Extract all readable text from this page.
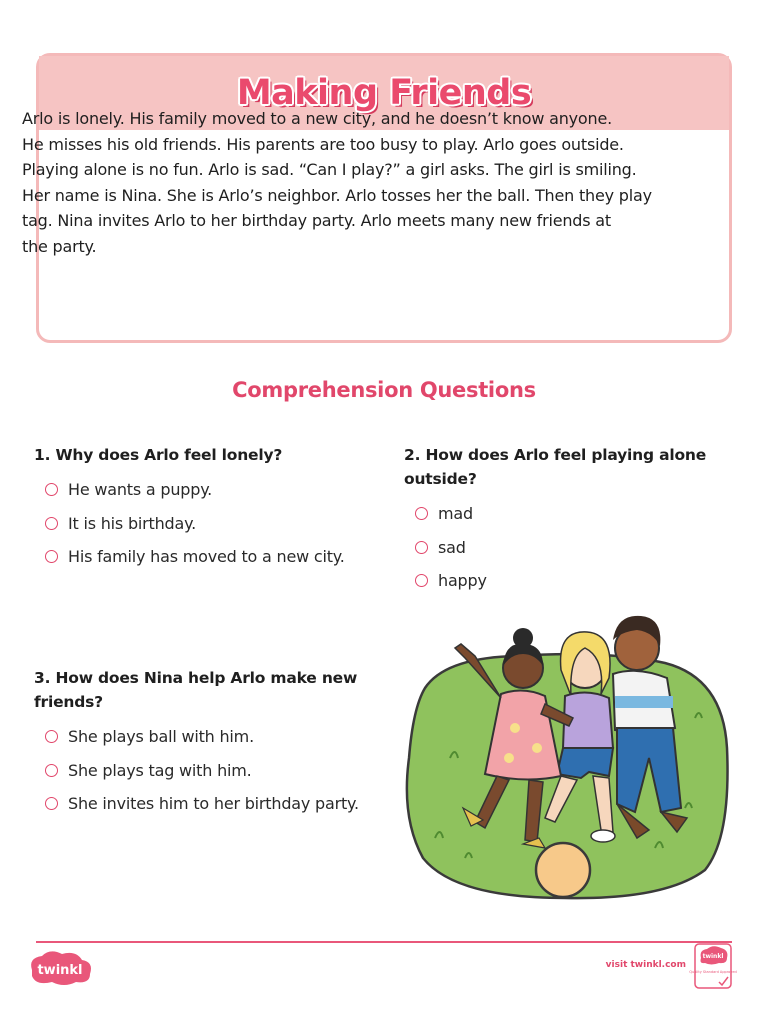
Making Friends

Arlo is lonely. His family moved to a new city, and he doesn’t know anyone.
He misses his old friends. His parents are too busy to play. Arlo goes outside.
Playing alone is no fun. Arlo is sad. “Can I play?” a girl asks. The girl is smiling.
Her name is Nina. She is Arlo’s neighbor. Arlo tosses her the ball. Then they play
tag. Nina invites Arlo to her birthday party. Arlo meets many new friends at
the party.

Comprehension Questions

1. Why does Arlo feel lonely?

He wants a puppy.
It is his birthday.
His family has moved to a new city.

2. How does Arlo feel playing alone outside?

mad
sad
happy

3. How does Nina help Arlo make new friends?

She plays ball with him.
She plays tag with him.
She invites him to her birthday party.
twinkl	visit twinkl.com
twinkl
Quality Standard Approved
